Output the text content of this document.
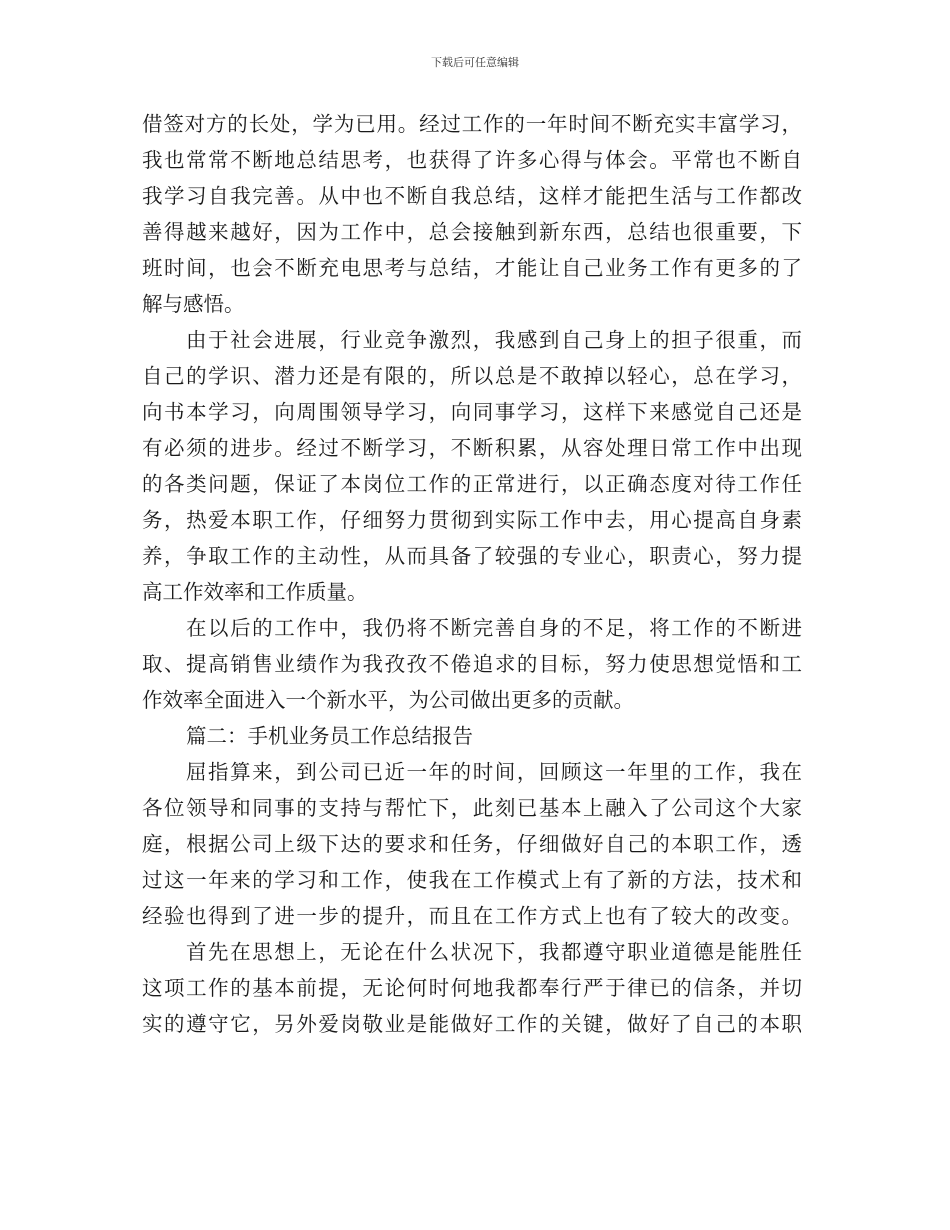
下载后可任意编辑
借签对方的长处，学为已用。经过工作的一年时间不断充实丰富学习，
我也常常不断地总结思考，也获得了许多心得与体会。平常也不断自
我学习自我完善。从中也不断自我总结，这样才能把生活与工作都改
善得越来越好，因为工作中，总会接触到新东西，总结也很重要，下
班时间，也会不断充电思考与总结，才能让自己业务工作有更多的了
解与感悟。
由于社会进展，行业竞争激烈，我感到自己身上的担子很重，而
自己的学识、潜力还是有限的，所以总是不敢掉以轻心，总在学习，
向书本学习，向周围领导学习，向同事学习，这样下来感觉自己还是
有必须的进步。经过不断学习，不断积累，从容处理日常工作中出现
的各类问题，保证了本岗位工作的正常进行，以正确态度对待工作任
务，热爱本职工作，仔细努力贯彻到实际工作中去，用心提高自身素
养，争取工作的主动性，从而具备了较强的专业心，职责心，努力提
高工作效率和工作质量。
在以后的工作中，我仍将不断完善自身的不足，将工作的不断进
取、提高销售业绩作为我孜孜不倦追求的目标，努力使思想觉悟和工
作效率全面进入一个新水平，为公司做出更多的贡献。
篇二：手机业务员工作总结报告
屈指算来，到公司已近一年的时间，回顾这一年里的工作，我在
各位领导和同事的支持与帮忙下，此刻已基本上融入了公司这个大家
庭，根据公司上级下达的要求和任务，仔细做好自己的本职工作，透
过这一年来的学习和工作，使我在工作模式上有了新的方法，技术和
经验也得到了进一步的提升，而且在工作方式上也有了较大的改变。
首先在思想上，无论在什么状况下，我都遵守职业道德是能胜任
这项工作的基本前提，无论何时何地我都奉行严于律已的信条，并切
实的遵守它，另外爱岗敬业是能做好工作的关键，做好了自己的本职
